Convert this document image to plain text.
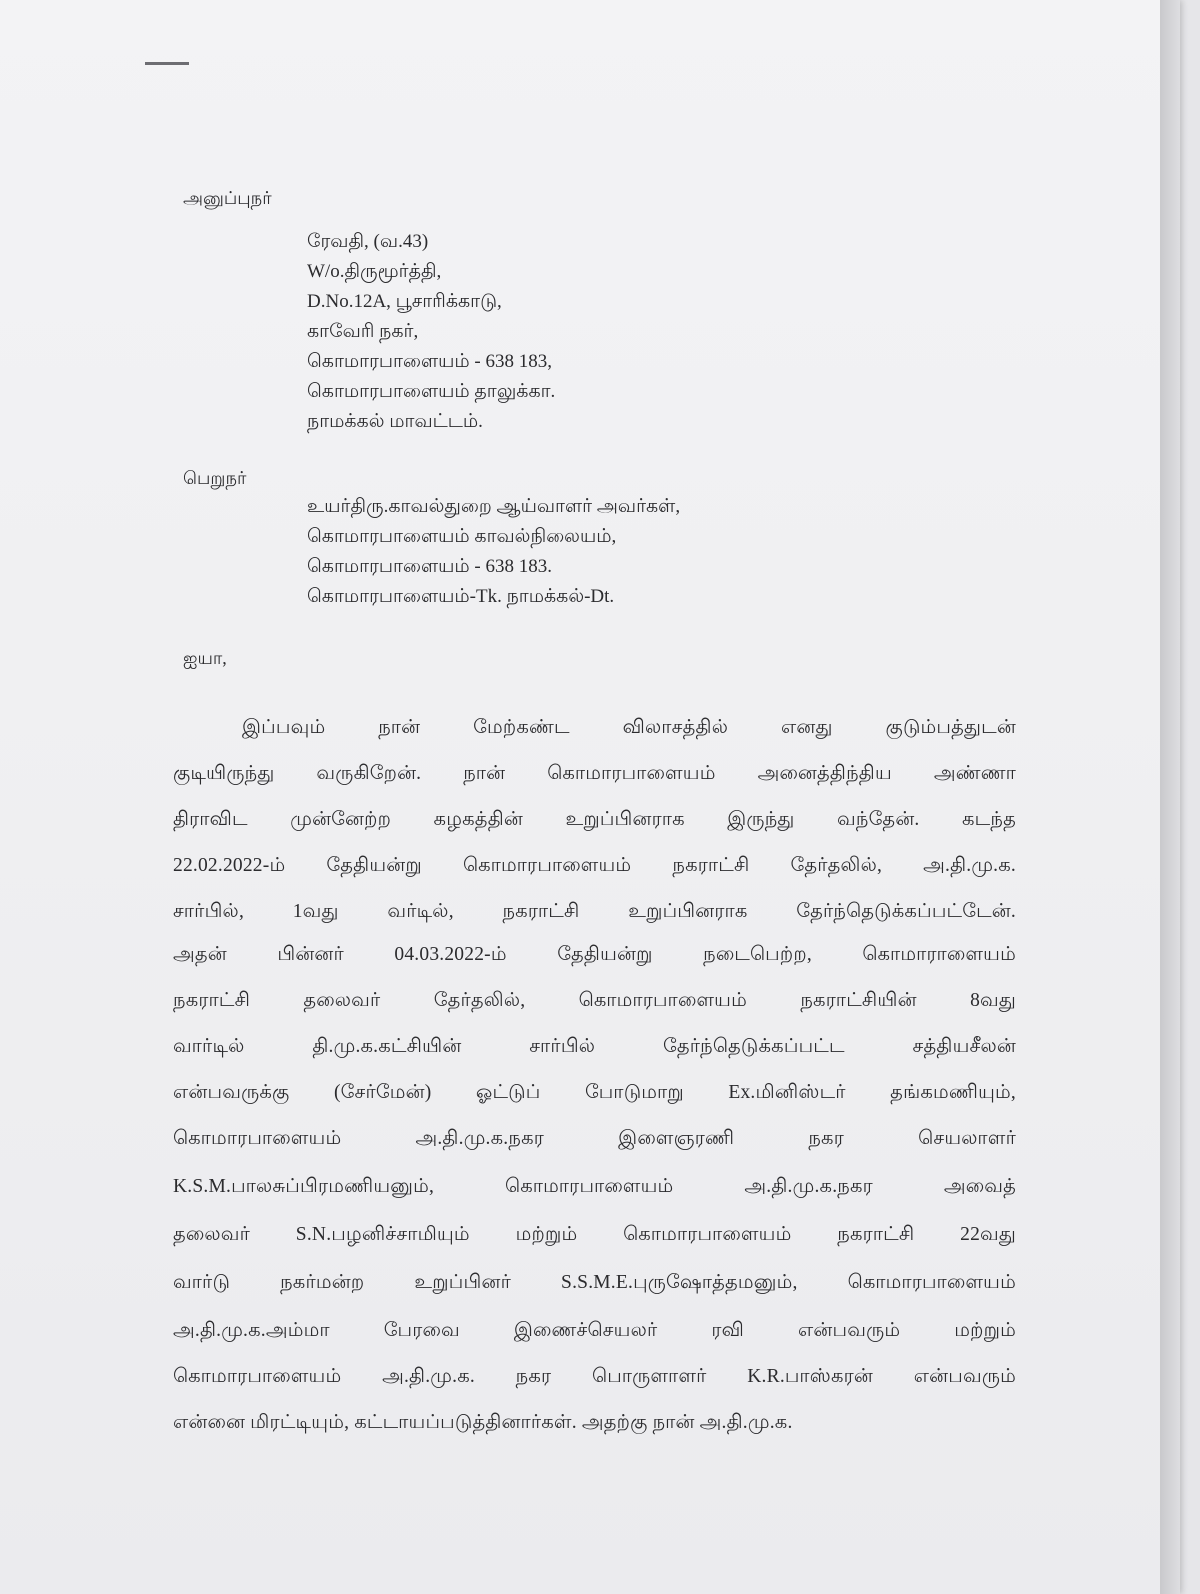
அனுப்புநர்
ரேவதி, (வ.43)
W/o.திருமூர்த்தி,
D.No.12A, பூசாரிக்காடு,
காவேரி நகர்,
கொமாரபாளையம் - 638 183,
கொமாரபாளையம் தாலுக்கா.
நாமக்கல் மாவட்டம்.
பெறுநர்
உயர்திரு.காவல்துறை ஆய்வாளர் அவர்கள்,
கொமாரபாளையம் காவல்நிலையம்,
கொமாரபாளையம் - 638 183.
கொமாரபாளையம்-Tk. நாமக்கல்-Dt.
ஐயா,
இப்பவும் நான் மேற்கண்ட விலாசத்தில் எனது குடும்பத்துடன்
குடியிருந்து வருகிறேன். நான் கொமாரபாளையம் அனைத்திந்திய அண்ணா
திராவிட முன்னேற்ற கழகத்தின் உறுப்பினராக இருந்து வந்தேன். கடந்த
22.02.2022-ம் தேதியன்று கொமாரபாளையம் நகராட்சி தேர்தலில், அ.தி.மு.க.
சார்பில், 1வது வர்டில், நகராட்சி உறுப்பினராக தேர்ந்தெடுக்கப்பட்டேன்.
அதன் பின்னர் 04.03.2022-ம் தேதியன்று நடைபெற்ற, கொமாராளையம்
நகராட்சி தலைவர் தேர்தலில், கொமாரபாளையம் நகராட்சியின் 8வது
வார்டில் தி.மு.க.கட்சியின் சார்பில் தேர்ந்தெடுக்கப்பட்ட சத்தியசீலன்
என்பவருக்கு (சேர்மேன்) ஓட்டுப் போடுமாறு Ex.மினிஸ்டர் தங்கமணியும்,
கொமாரபாளையம் அ.தி.மு.க.நகர இளைஞரணி நகர செயலாளர்
K.S.M.பாலசுப்பிரமணியனும், கொமாரபாளையம் அ.தி.மு.க.நகர அவைத்
தலைவர் S.N.பழனிச்சாமியும் மற்றும் கொமாரபாளையம் நகராட்சி 22வது
வார்டு நகர்மன்ற உறுப்பினர் S.S.M.E.புருஷோத்தமனும், கொமாரபாளையம்
அ.தி.மு.க.அம்மா பேரவை இணைச்செயலர் ரவி என்பவரும் மற்றும்
கொமாரபாளையம் அ.தி.மு.க. நகர பொருளாளர் K.R.பாஸ்கரன் என்பவரும்
என்னை மிரட்டியும், கட்டாயப்படுத்தினார்கள். அதற்கு நான் அ.தி.மு.க.
